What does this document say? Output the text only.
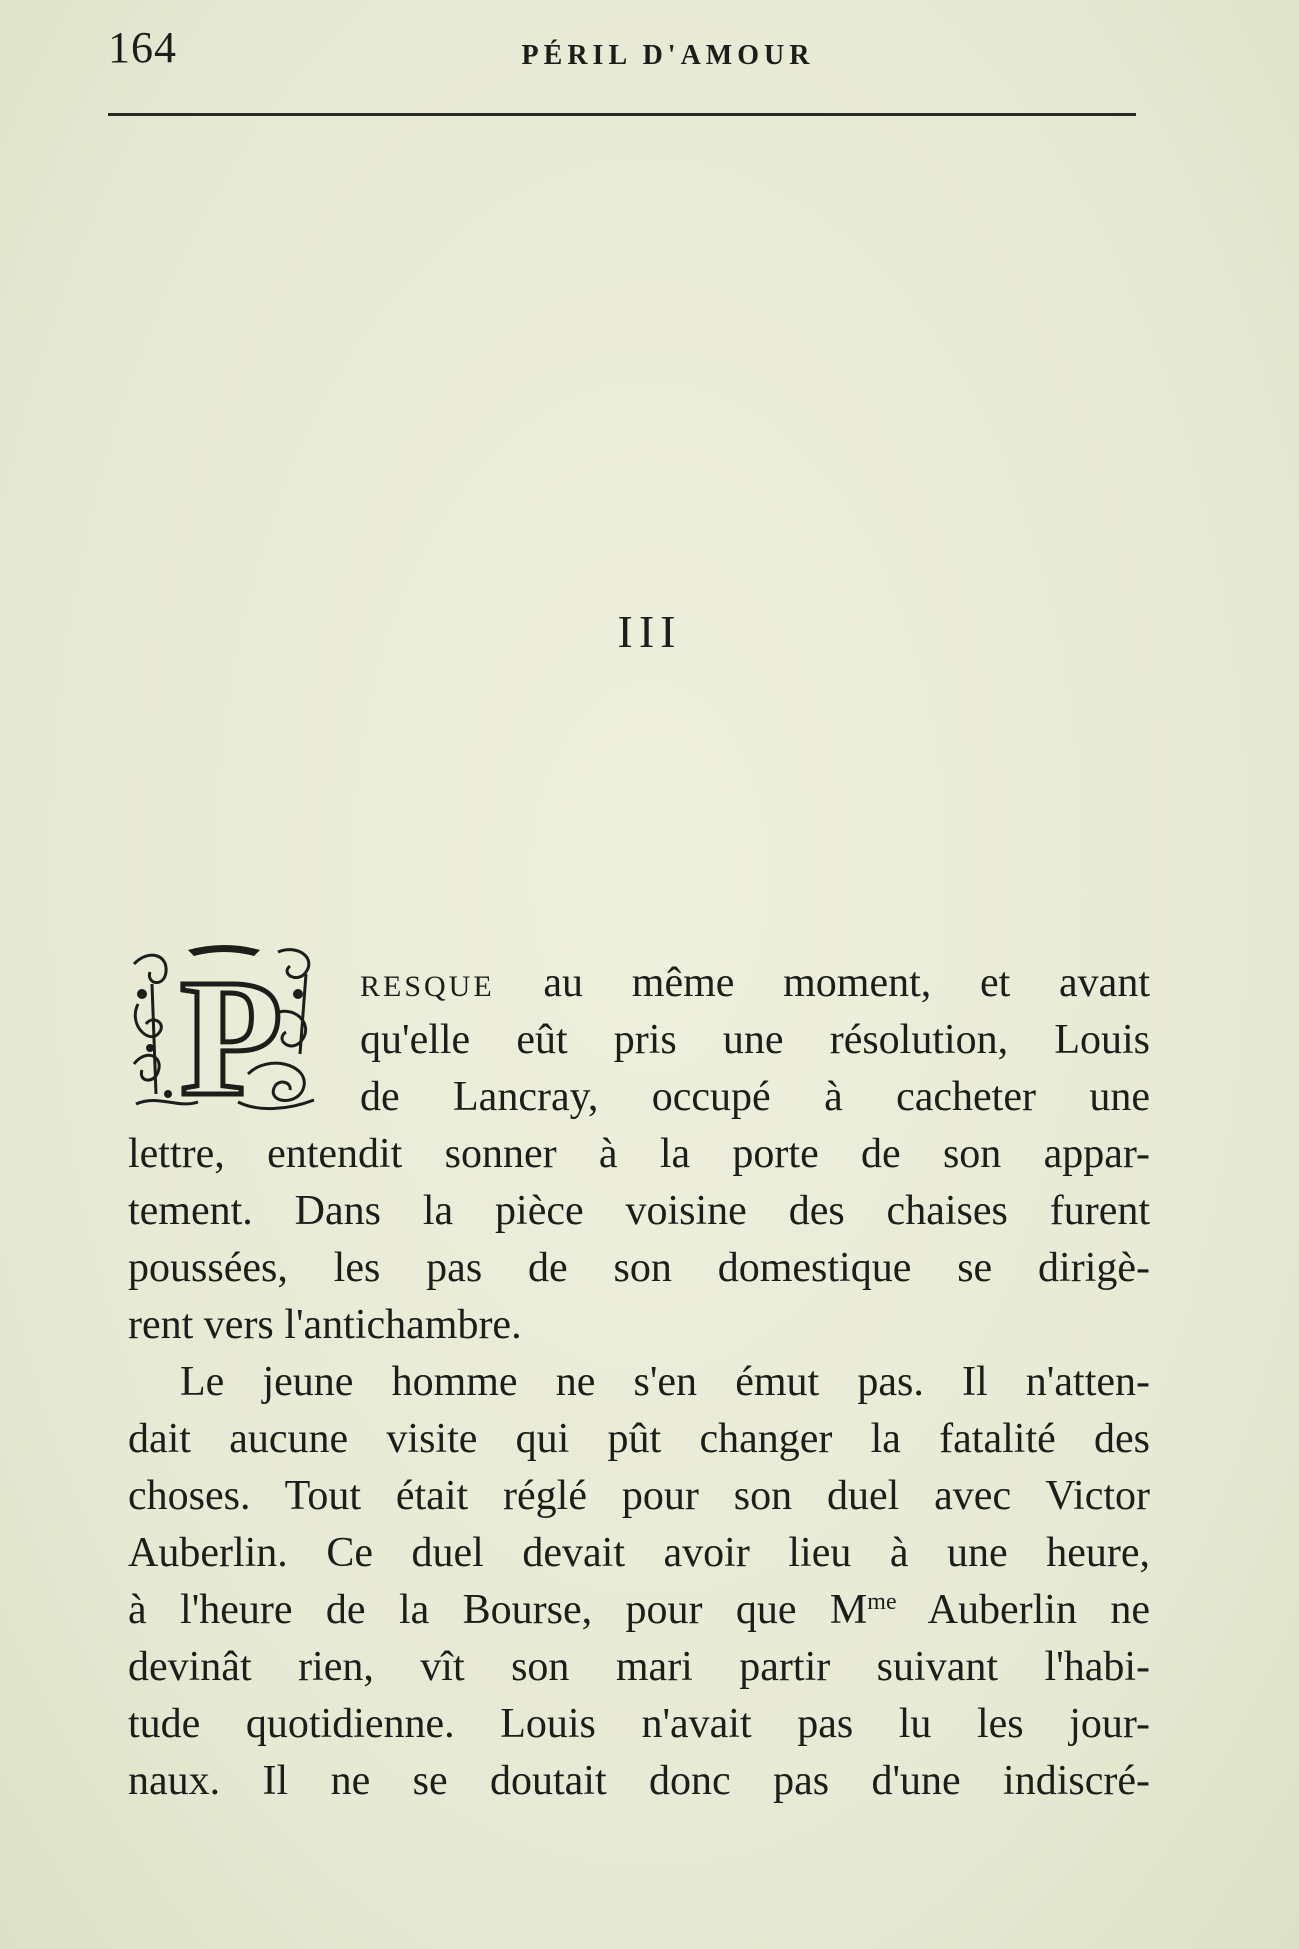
164	PÉRIL D'AMOUR
III
P	RESQUE au même moment, et avant
qu'elle eût pris une résolution, Louis
de Lancray, occupé à cacheter une
lettre, entendit sonner à la porte de son appar-
tement. Dans la pièce voisine des chaises furent
poussées, les pas de son domestique se dirigè-
rent vers l'antichambre.
Le jeune homme ne s'en émut pas. Il n'atten-
dait aucune visite qui pût changer la fatalité des
choses. Tout était réglé pour son duel avec Victor
Auberlin. Ce duel devait avoir lieu à une heure,
à l'heure de la Bourse, pour que $M^{me}$ Auberlin ne
devinât rien, vît son mari partir suivant l'habi-
tude quotidienne. Louis n'avait pas lu les jour-
naux. Il ne se doutait donc pas d'une indiscré-
